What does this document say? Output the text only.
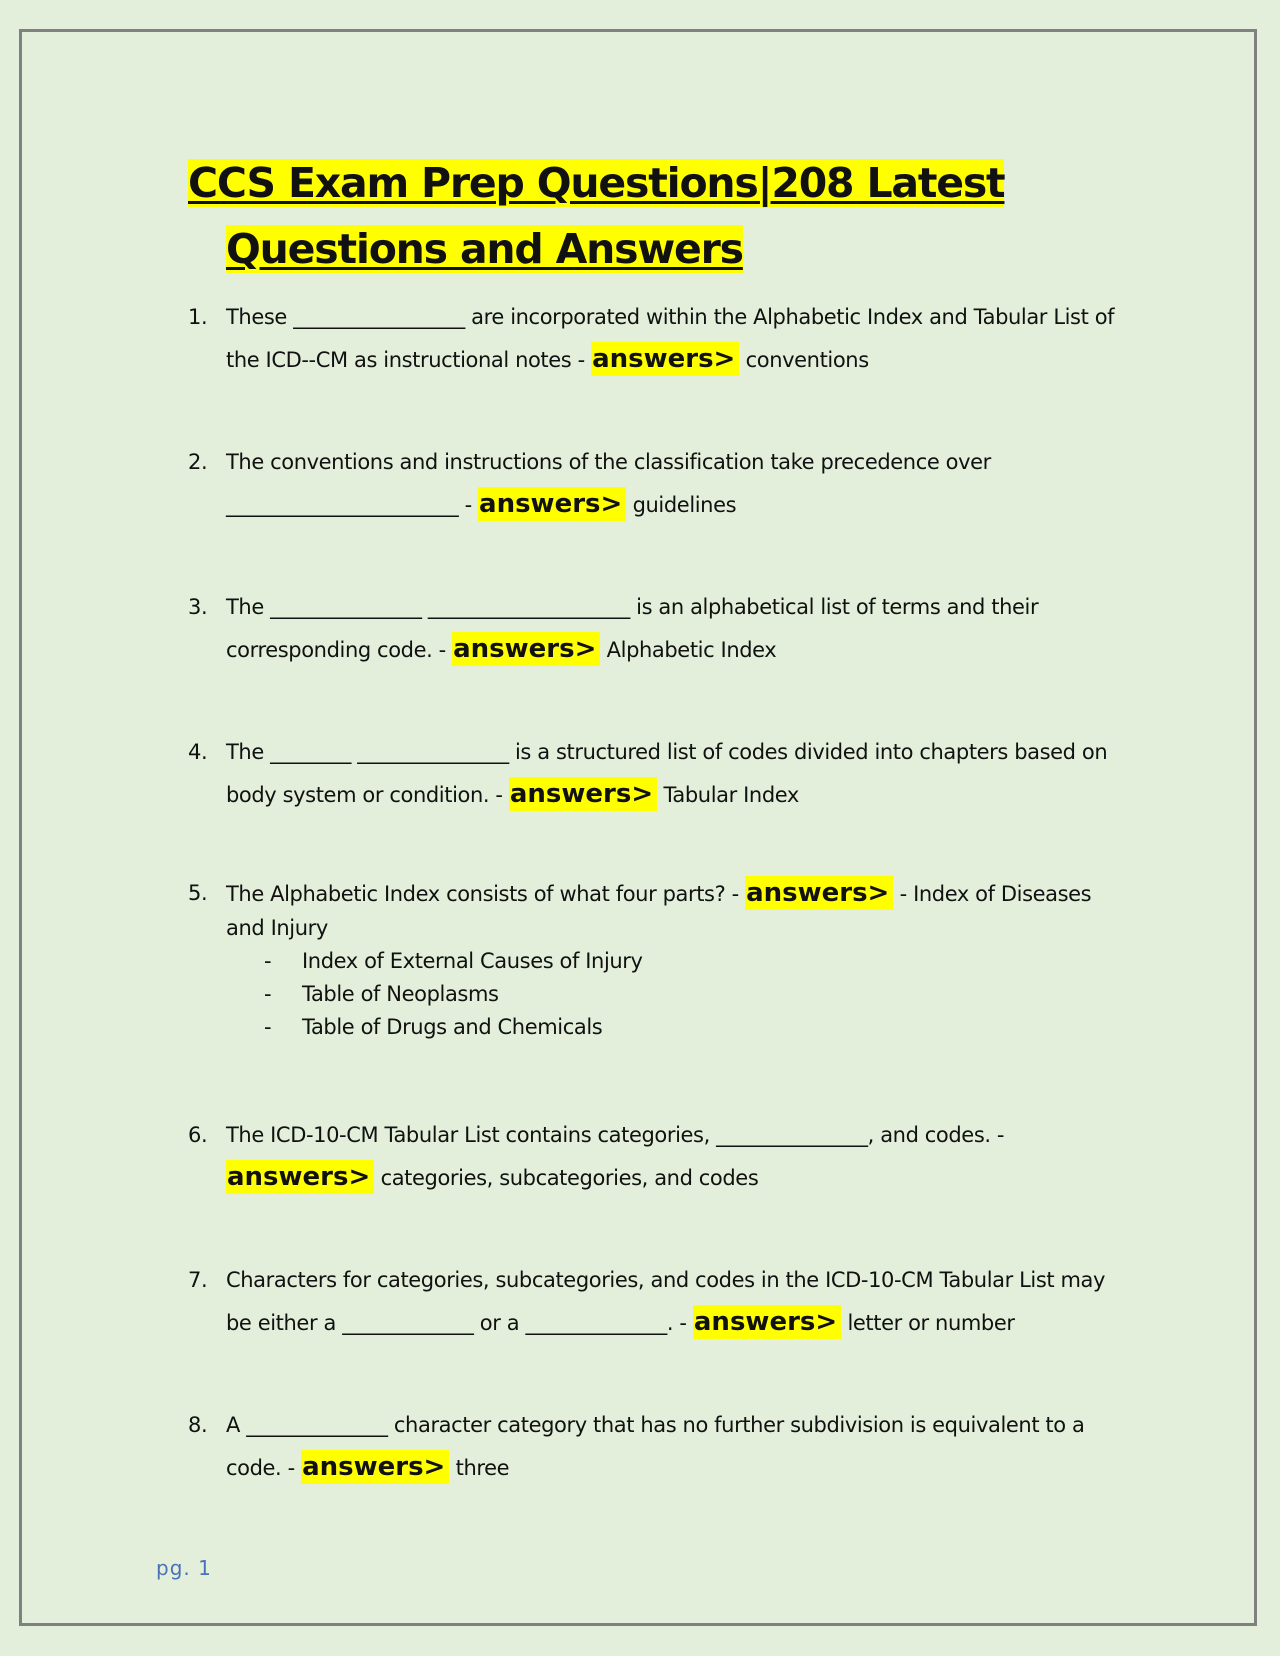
CCS Exam Prep Questions|208 Latest Questions and Answers
1. These _________________ are incorporated within the Alphabetic Index and Tabular List of the ICD--CM as instructional notes - answers> conventions
2. The conventions and instructions of the classification take precedence over _______________________ - answers> guidelines
3. The _______________ ____________________ is an alphabetical list of terms and their corresponding code. - answers> Alphabetic Index
4. The ________ _______________ is a structured list of codes divided into chapters based on body system or condition. - answers> Tabular Index
5. The Alphabetic Index consists of what four parts? - answers> - Index of Diseases and Injury
- Index of External Causes of Injury
- Table of Neoplasms
- Table of Drugs and Chemicals
6. The ICD-10-CM Tabular List contains categories, _______________, and codes. - answers> categories, subcategories, and codes
7. Characters for categories, subcategories, and codes in the ICD-10-CM Tabular List may be either a _____________ or a ______________. - answers> letter or number
8. A ______________ character category that has no further subdivision is equivalent to a code. - answers> three
pg. 1
